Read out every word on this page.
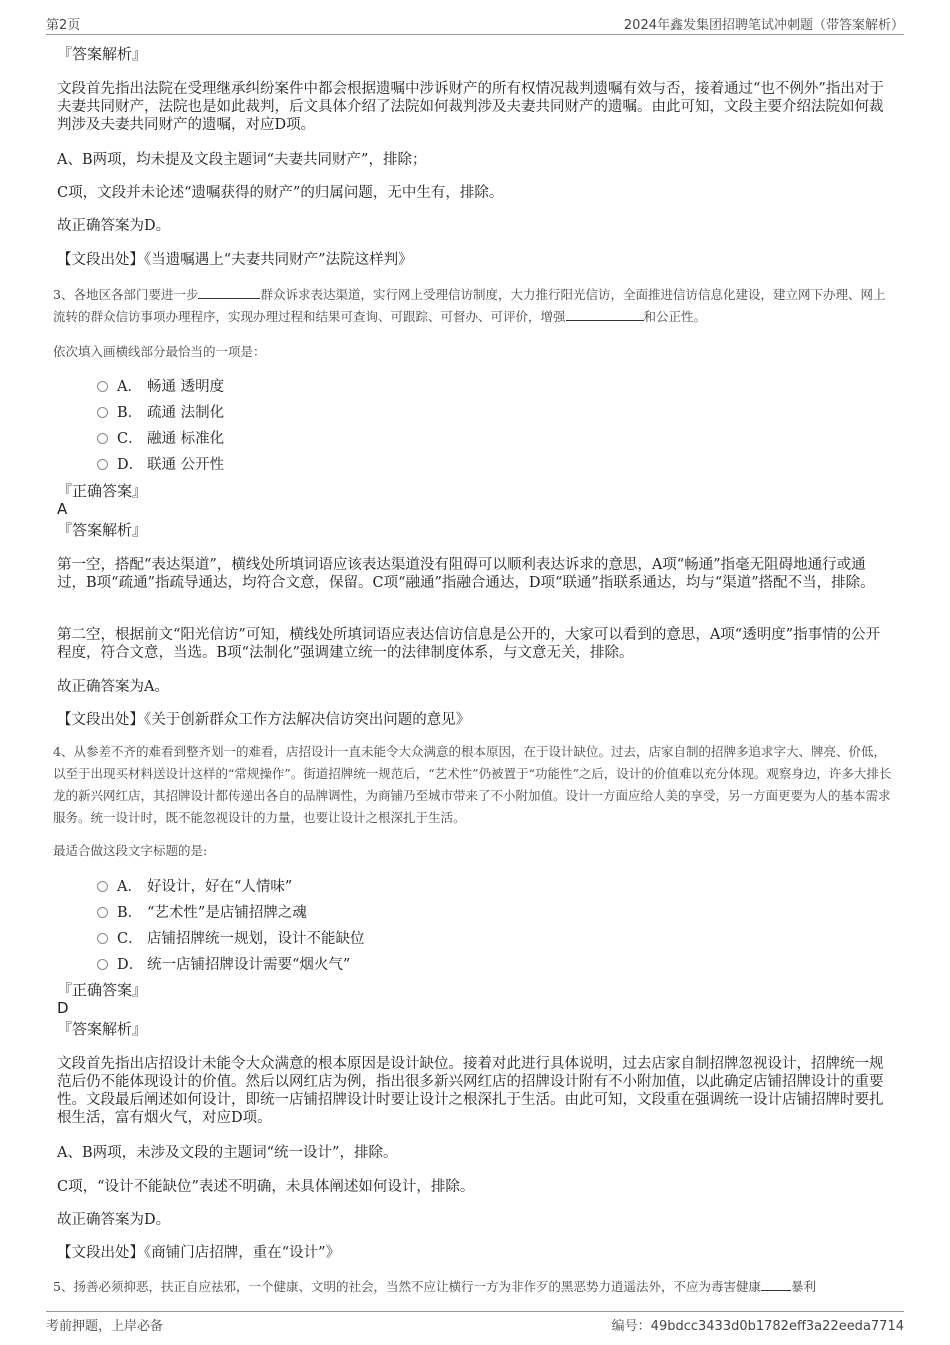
第2页	2024年鑫发集团招聘笔试冲刺题（带答案解析）
『答案解析』
文段首先指出法院在受理继承纠纷案件中都会根据遗嘱中涉诉财产的所有权情况裁判遗嘱有效与否，接着通过“也不例外”指出对于夫妻共同财产，法院也是如此裁判，后文具体介绍了法院如何裁判涉及夫妻共同财产的遗嘱。由此可知，文段主要介绍法院如何裁判涉及夫妻共同财产的遗嘱，对应D项。
A、B两项，均未提及文段主题词“夫妻共同财产”，排除；
C项，文段并未论述“遗嘱获得的财产”的归属问题，无中生有，排除。
故正确答案为D。
【文段出处】《当遗嘱遇上“夫妻共同财产”法院这样判》
3、各地区各部门要进一步	群众诉求表达渠道，实行网上受理信访制度，大力推行阳光信访，全面推进信访信息化建设，建立网下办理、网上流转的群众信访事项办理程序，实现办理过程和结果可查询、可跟踪、可督办、可评价，增强	和公正性。
依次填入画横线部分最恰当的一项是：
A． 畅通 透明度
B． 疏通 法制化
C． 融通 标准化
D． 联通 公开性
『正确答案』
A
『答案解析』
第一空，搭配“表达渠道”，横线处所填词语应该表达渠道没有阻碍可以顺利表达诉求的意思，A项“畅通”指毫无阻碍地通行或通过，B项“疏通”指疏导通达，均符合文意，保留。C项“融通”指融合通达，D项“联通”指联系通达，均与“渠道”搭配不当，排除。
第二空，根据前文“阳光信访”可知，横线处所填词语应表达信访信息是公开的，大家可以看到的意思，A项“透明度”指事情的公开程度，符合文意，当选。B项“法制化”强调建立统一的法律制度体系，与文意无关，排除。
故正确答案为A。
【文段出处】《关于创新群众工作方法解决信访突出问题的意见》
4、从参差不齐的难看到整齐划一的难看，店招设计一直未能令大众满意的根本原因，在于设计缺位。过去，店家自制的招牌多追求字大、牌亮、价低，以至于出现买材料送设计这样的“常规操作”。街道招牌统一规范后，“艺术性”仍被置于“功能性”之后，设计的价值难以充分体现。观察身边，许多大排长龙的新兴网红店，其招牌设计都传递出各自的品牌调性，为商铺乃至城市带来了不小附加值。设计一方面应给人美的享受，另一方面更要为人的基本需求服务。统一设计时，既不能忽视设计的力量，也要让设计之根深扎于生活。
最适合做这段文字标题的是:
A． 好设计，好在“人情味”
B． “艺术性”是店铺招牌之魂
C． 店铺招牌统一规划，设计不能缺位
D． 统一店铺招牌设计需要“烟火气”
『正确答案』
D
『答案解析』
文段首先指出店招设计未能令大众满意的根本原因是设计缺位。接着对此进行具体说明，过去店家自制招牌忽视设计，招牌统一规范后仍不能体现设计的价值。然后以网红店为例，指出很多新兴网红店的招牌设计附有不小附加值，以此确定店铺招牌设计的重要性。文段最后阐述如何设计，即统一店铺招牌设计时要让设计之根深扎于生活。由此可知，文段重在强调统一设计店铺招牌时要扎根生活，富有烟火气，对应D项。
A、B两项，未涉及文段的主题词“统一设计”，排除。
C项，“设计不能缺位”表述不明确，未具体阐述如何设计，排除。
故正确答案为D。
【文段出处】《商铺门店招牌，重在“设计”》
5、扬善必须抑恶，扶正自应祛邪，一个健康、文明的社会，当然不应让横行一方为非作歹的黑恶势力逍遥法外，不应为毒害健康 暴利
考前押题，上岸必备	编号：49bdcc3433d0b1782eff3a22eeda7714
